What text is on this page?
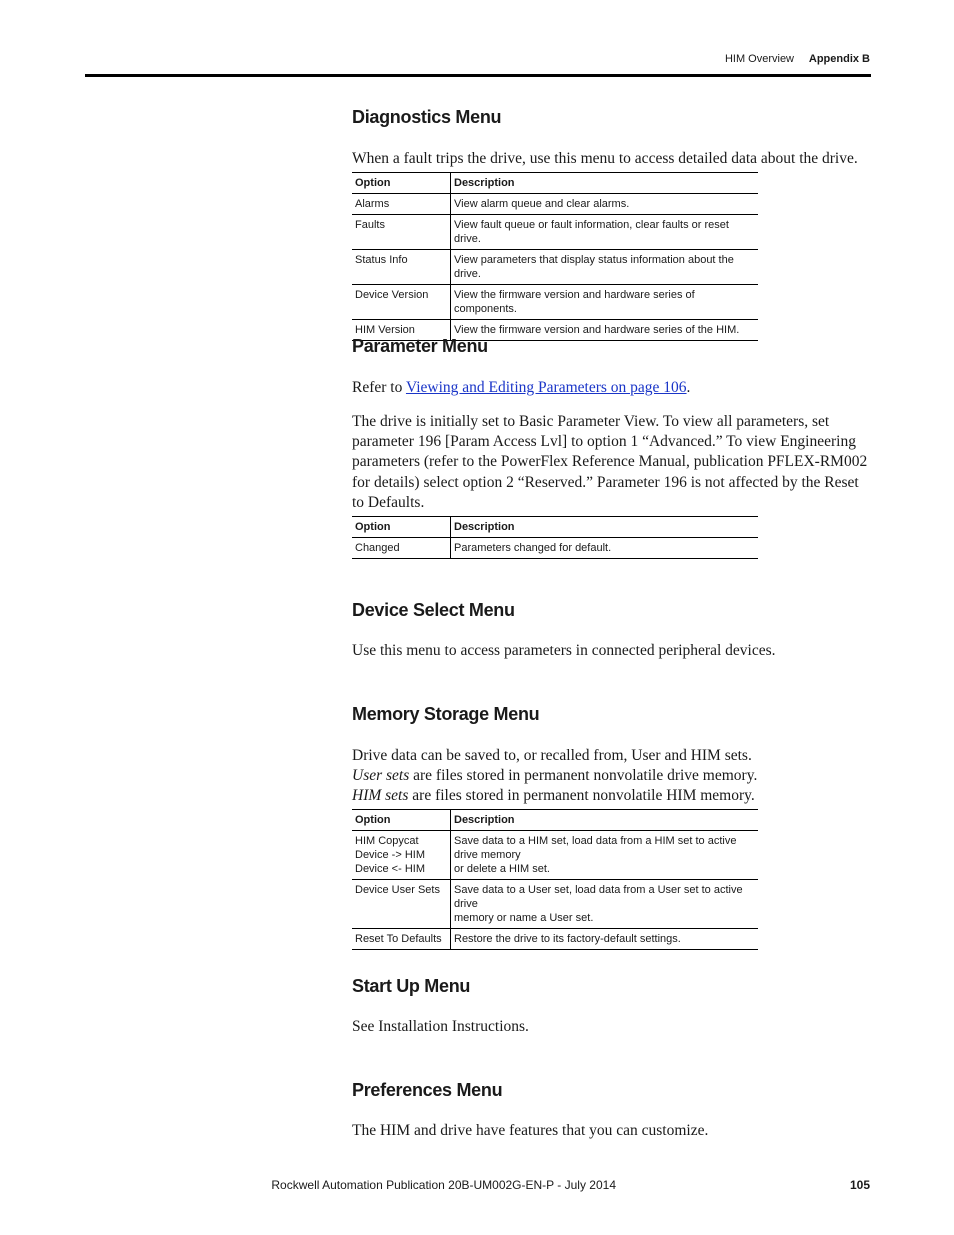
HIM Overview Appendix B
Diagnostics Menu

When a fault trips the drive, use this menu to access detailed data about the drive.

Option	Description
Alarms	View alarm queue and clear alarms.
Faults	View fault queue or fault information, clear faults or reset drive.
Status Info	View parameters that display status information about the drive.
Device Version	View the firmware version and hardware series of components.
HIM Version	View the firmware version and hardware series of the HIM.
Parameter Menu

Refer to Viewing and Editing Parameters on page 106.

The drive is initially set to Basic Parameter View. To view all parameters, set parameter 196 [Param Access Lvl] to option 1 “Advanced.” To view Engineering parameters (refer to the PowerFlex Reference Manual, publication PFLEX-RM002 for details) select option 2 “Reserved.” Parameter 196 is not affected by the Reset to Defaults.

Option	Description
Changed	Parameters changed for default.
Device Select Menu

Use this menu to access parameters in connected peripheral devices.

Memory Storage Menu

Drive data can be saved to, or recalled from, User and HIM sets.
User sets are files stored in permanent nonvolatile drive memory.
HIM sets are files stored in permanent nonvolatile HIM memory.

Option	Description

HIM Copycat
Device -> HIM
Device <- HIM	Save data to a HIM set, load data from a HIM set to active drive memory
or delete a HIM set.

Device User Sets	Save data to a User set, load data from a User set to active drive
memory or name a User set.

Reset To Defaults	Restore the drive to its factory-default settings.
Start Up Menu

See Installation Instructions.

Preferences Menu

The HIM and drive have features that you can customize.

Rockwell Automation Publication 20B-UM002G-EN-P - July 2014	105
